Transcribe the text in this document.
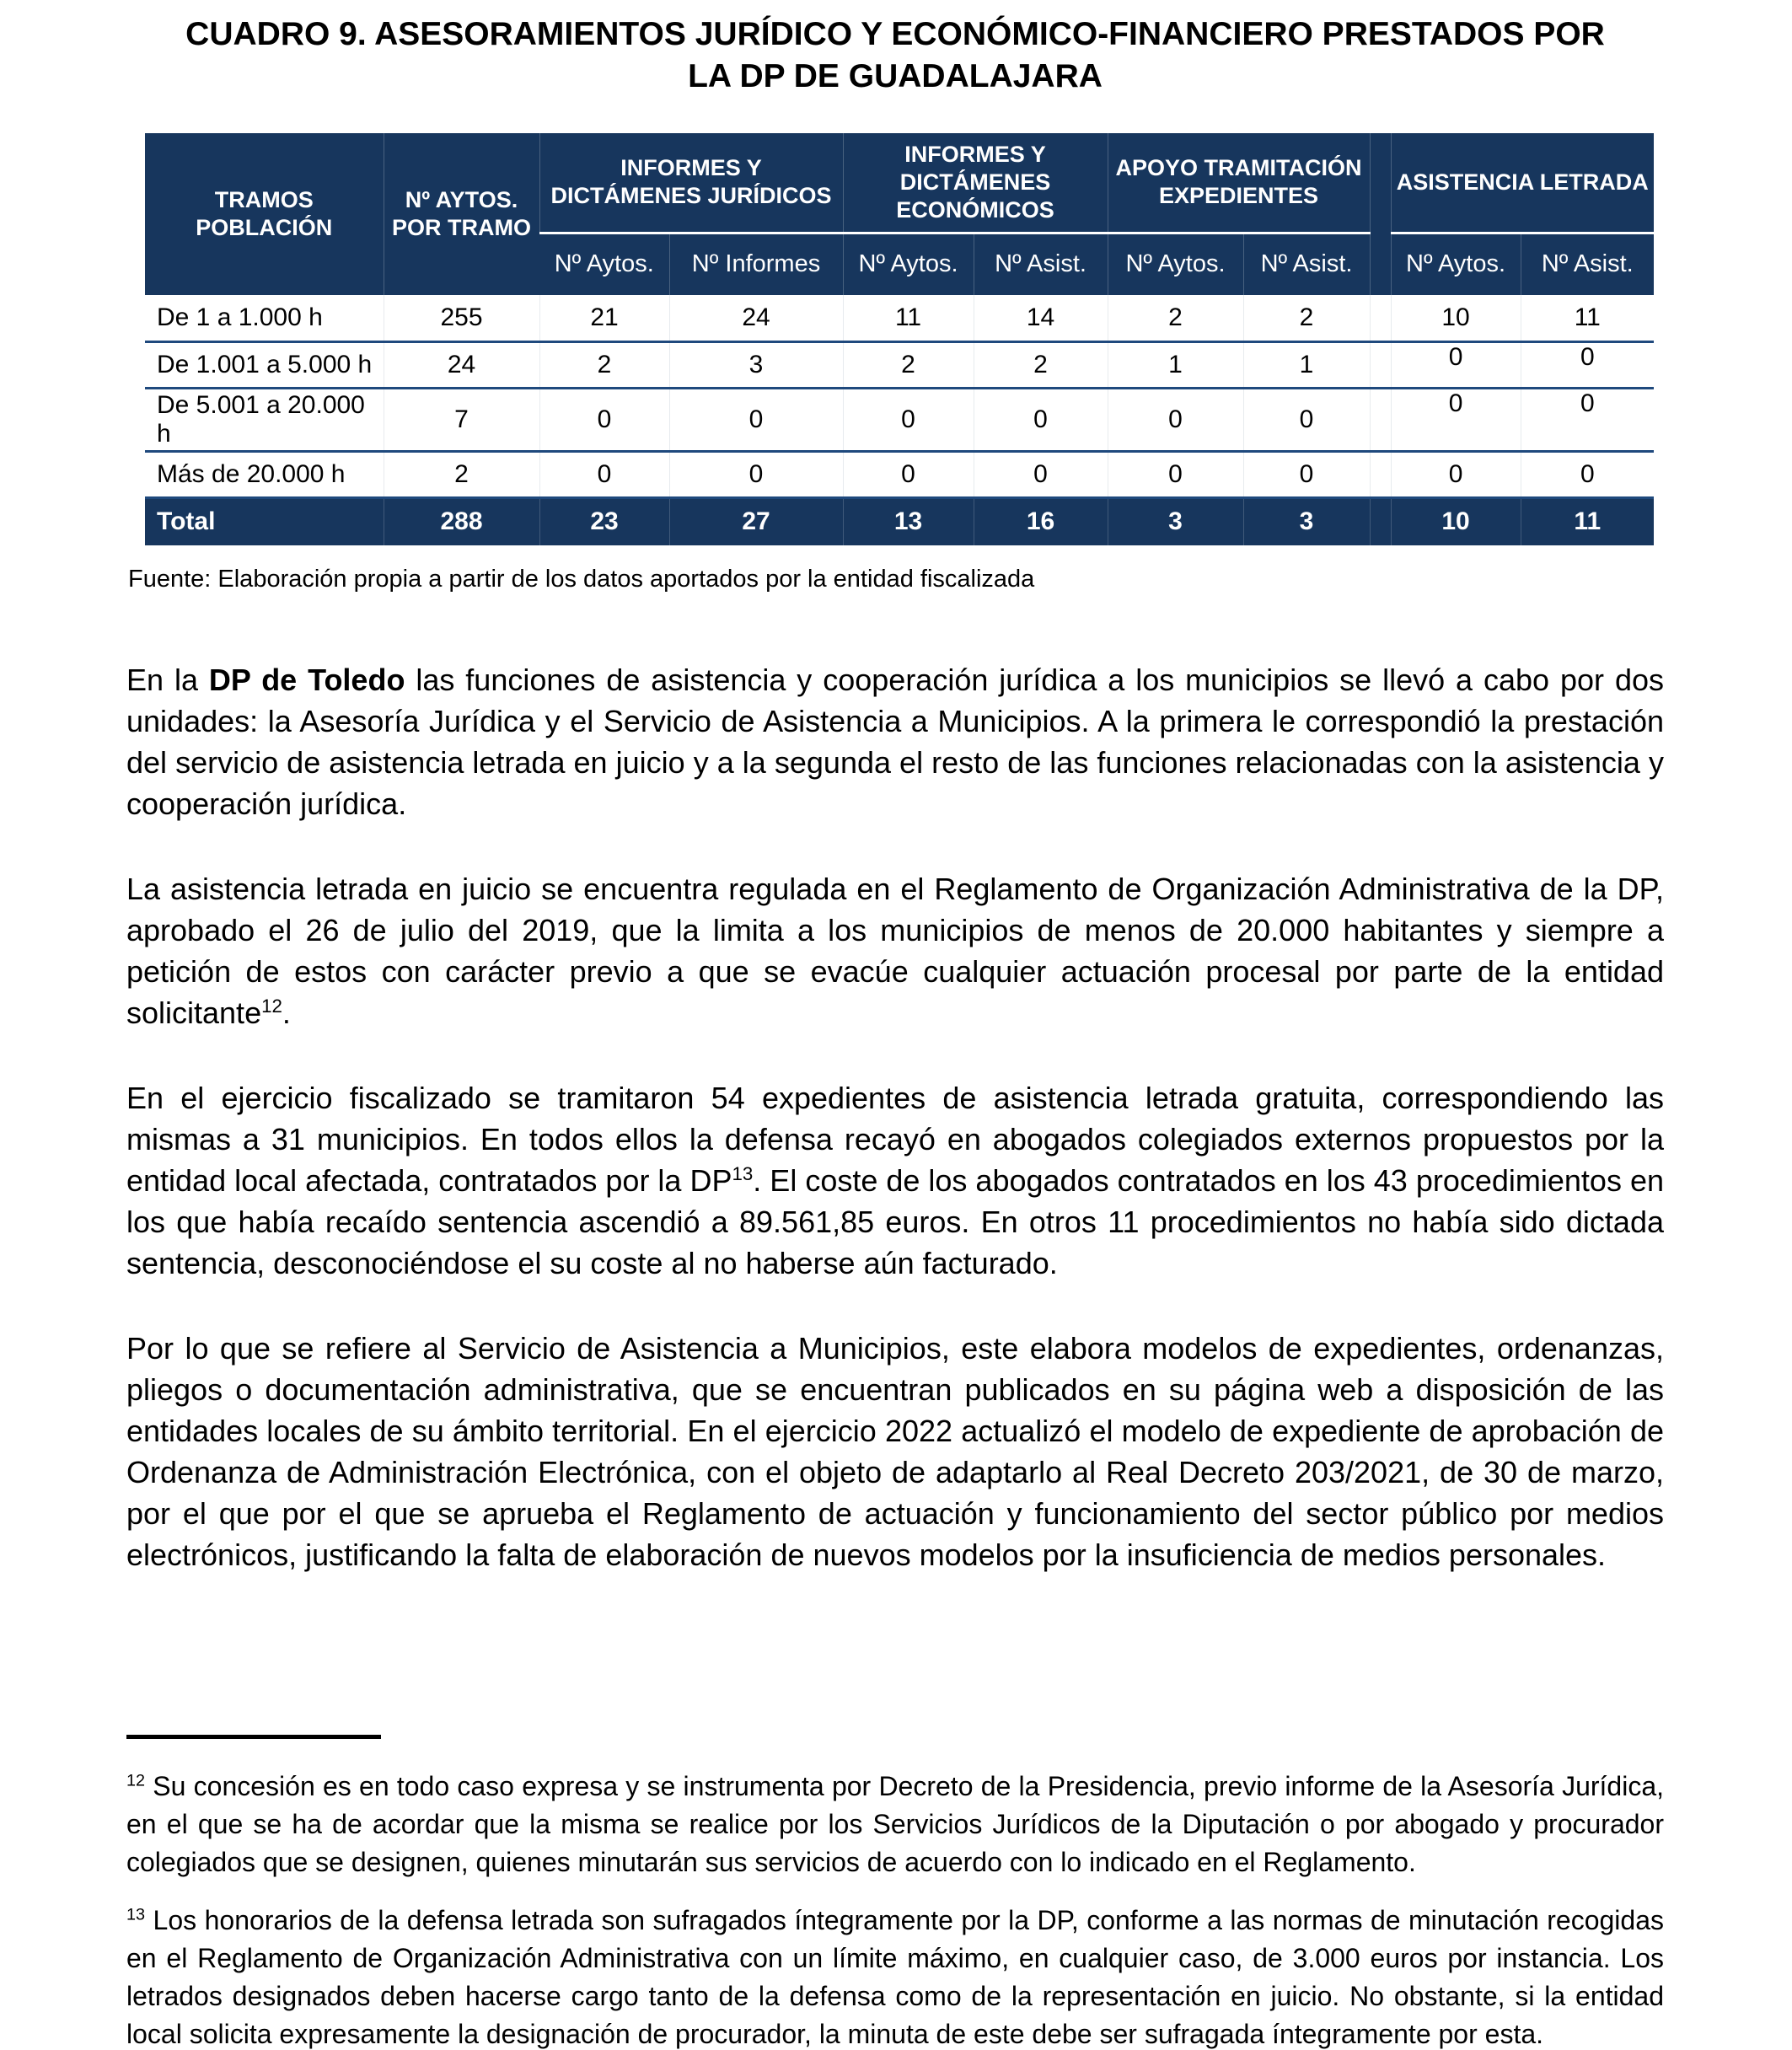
CUADRO 9. ASESORAMIENTOS JURÍDICO Y ECONÓMICO-FINANCIERO PRESTADOS POR
LA DP DE GUADALAJARA
TRAMOS POBLACIÓN	Nº AYTOS. POR TRAMO	INFORMES Y DICTÁMENES JURÍDICOS		INFORMES Y DICTÁMENES ECONÓMICOS		APOYO TRAMITACIÓN EXPEDIENTES			ASISTENCIA LETRADA	
		Nº Aytos.	Nº Informes	Nº Aytos.	Nº Asist.	Nº Aytos.	Nº Asist.		Nº Aytos.	Nº Asist.
De 1 a 1.000 h	255	21	24	11	14	2	2		10	11
De 1.001 a 5.000 h	24	2	3	2	2	1	1		0	0
De 5.001 a 20.000 h	7	0	0	0	0	0	0		0	0
Más de 20.000 h	2	0	0	0	0	0	0		0	0
Total	288	23	27	13	16	3	3		10	11
Fuente: Elaboración propia a partir de los datos aportados por la entidad fiscalizada

En la DP de Toledo las funciones de asistencia y cooperación jurídica a los municipios se llevó a cabo por dos unidades: la Asesoría Jurídica y el Servicio de Asistencia a Municipios. A la primera le correspondió la prestación del servicio de asistencia letrada en juicio y a la segunda el resto de las funciones relacionadas con la asistencia y cooperación jurídica.

La asistencia letrada en juicio se encuentra regulada en el Reglamento de Organización Administrativa de la DP, aprobado el 26 de julio del 2019, que la limita a los municipios de menos de 20.000 habitantes y siempre a petición de estos con carácter previo a que se evacúe cualquier actuación procesal por parte de la entidad solicitante$^{12}$.

En el ejercicio fiscalizado se tramitaron 54 expedientes de asistencia letrada gratuita, correspondiendo las mismas a 31 municipios. En todos ellos la defensa recayó en abogados colegiados externos propuestos por la entidad local afectada, contratados por la DP$^{13}$. El coste de los abogados contratados en los 43 procedimientos en los que había recaído sentencia ascendió a 89.561,85 euros. En otros 11 procedimientos no había sido dictada sentencia, desconociéndose el su coste al no haberse aún facturado.

Por lo que se refiere al Servicio de Asistencia a Municipios, este elabora modelos de expedientes, ordenanzas, pliegos o documentación administrativa, que se encuentran publicados en su página web a disposición de las entidades locales de su ámbito territorial. En el ejercicio 2022 actualizó el modelo de expediente de aprobación de Ordenanza de Administración Electrónica, con el objeto de adaptarlo al Real Decreto 203/2021, de 30 de marzo, por el que por el que se aprueba el Reglamento de actuación y funcionamiento del sector público por medios electrónicos, justificando la falta de elaboración de nuevos modelos por la insuficiencia de medios personales.

$^{12}$ Su concesión es en todo caso expresa y se instrumenta por Decreto de la Presidencia, previo informe de la Asesoría Jurídica, en el que se ha de acordar que la misma se realice por los Servicios Jurídicos de la Diputación o por abogado y procurador colegiados que se designen, quienes minutarán sus servicios de acuerdo con lo indicado en el Reglamento.

$^{13}$ Los honorarios de la defensa letrada son sufragados íntegramente por la DP, conforme a las normas de minutación recogidas en el Reglamento de Organización Administrativa con un límite máximo, en cualquier caso, de 3.000 euros por instancia. Los letrados designados deben hacerse cargo tanto de la defensa como de la representación en juicio. No obstante, si la entidad local solicita expresamente la designación de procurador, la minuta de este debe ser sufragada íntegramente por esta.
